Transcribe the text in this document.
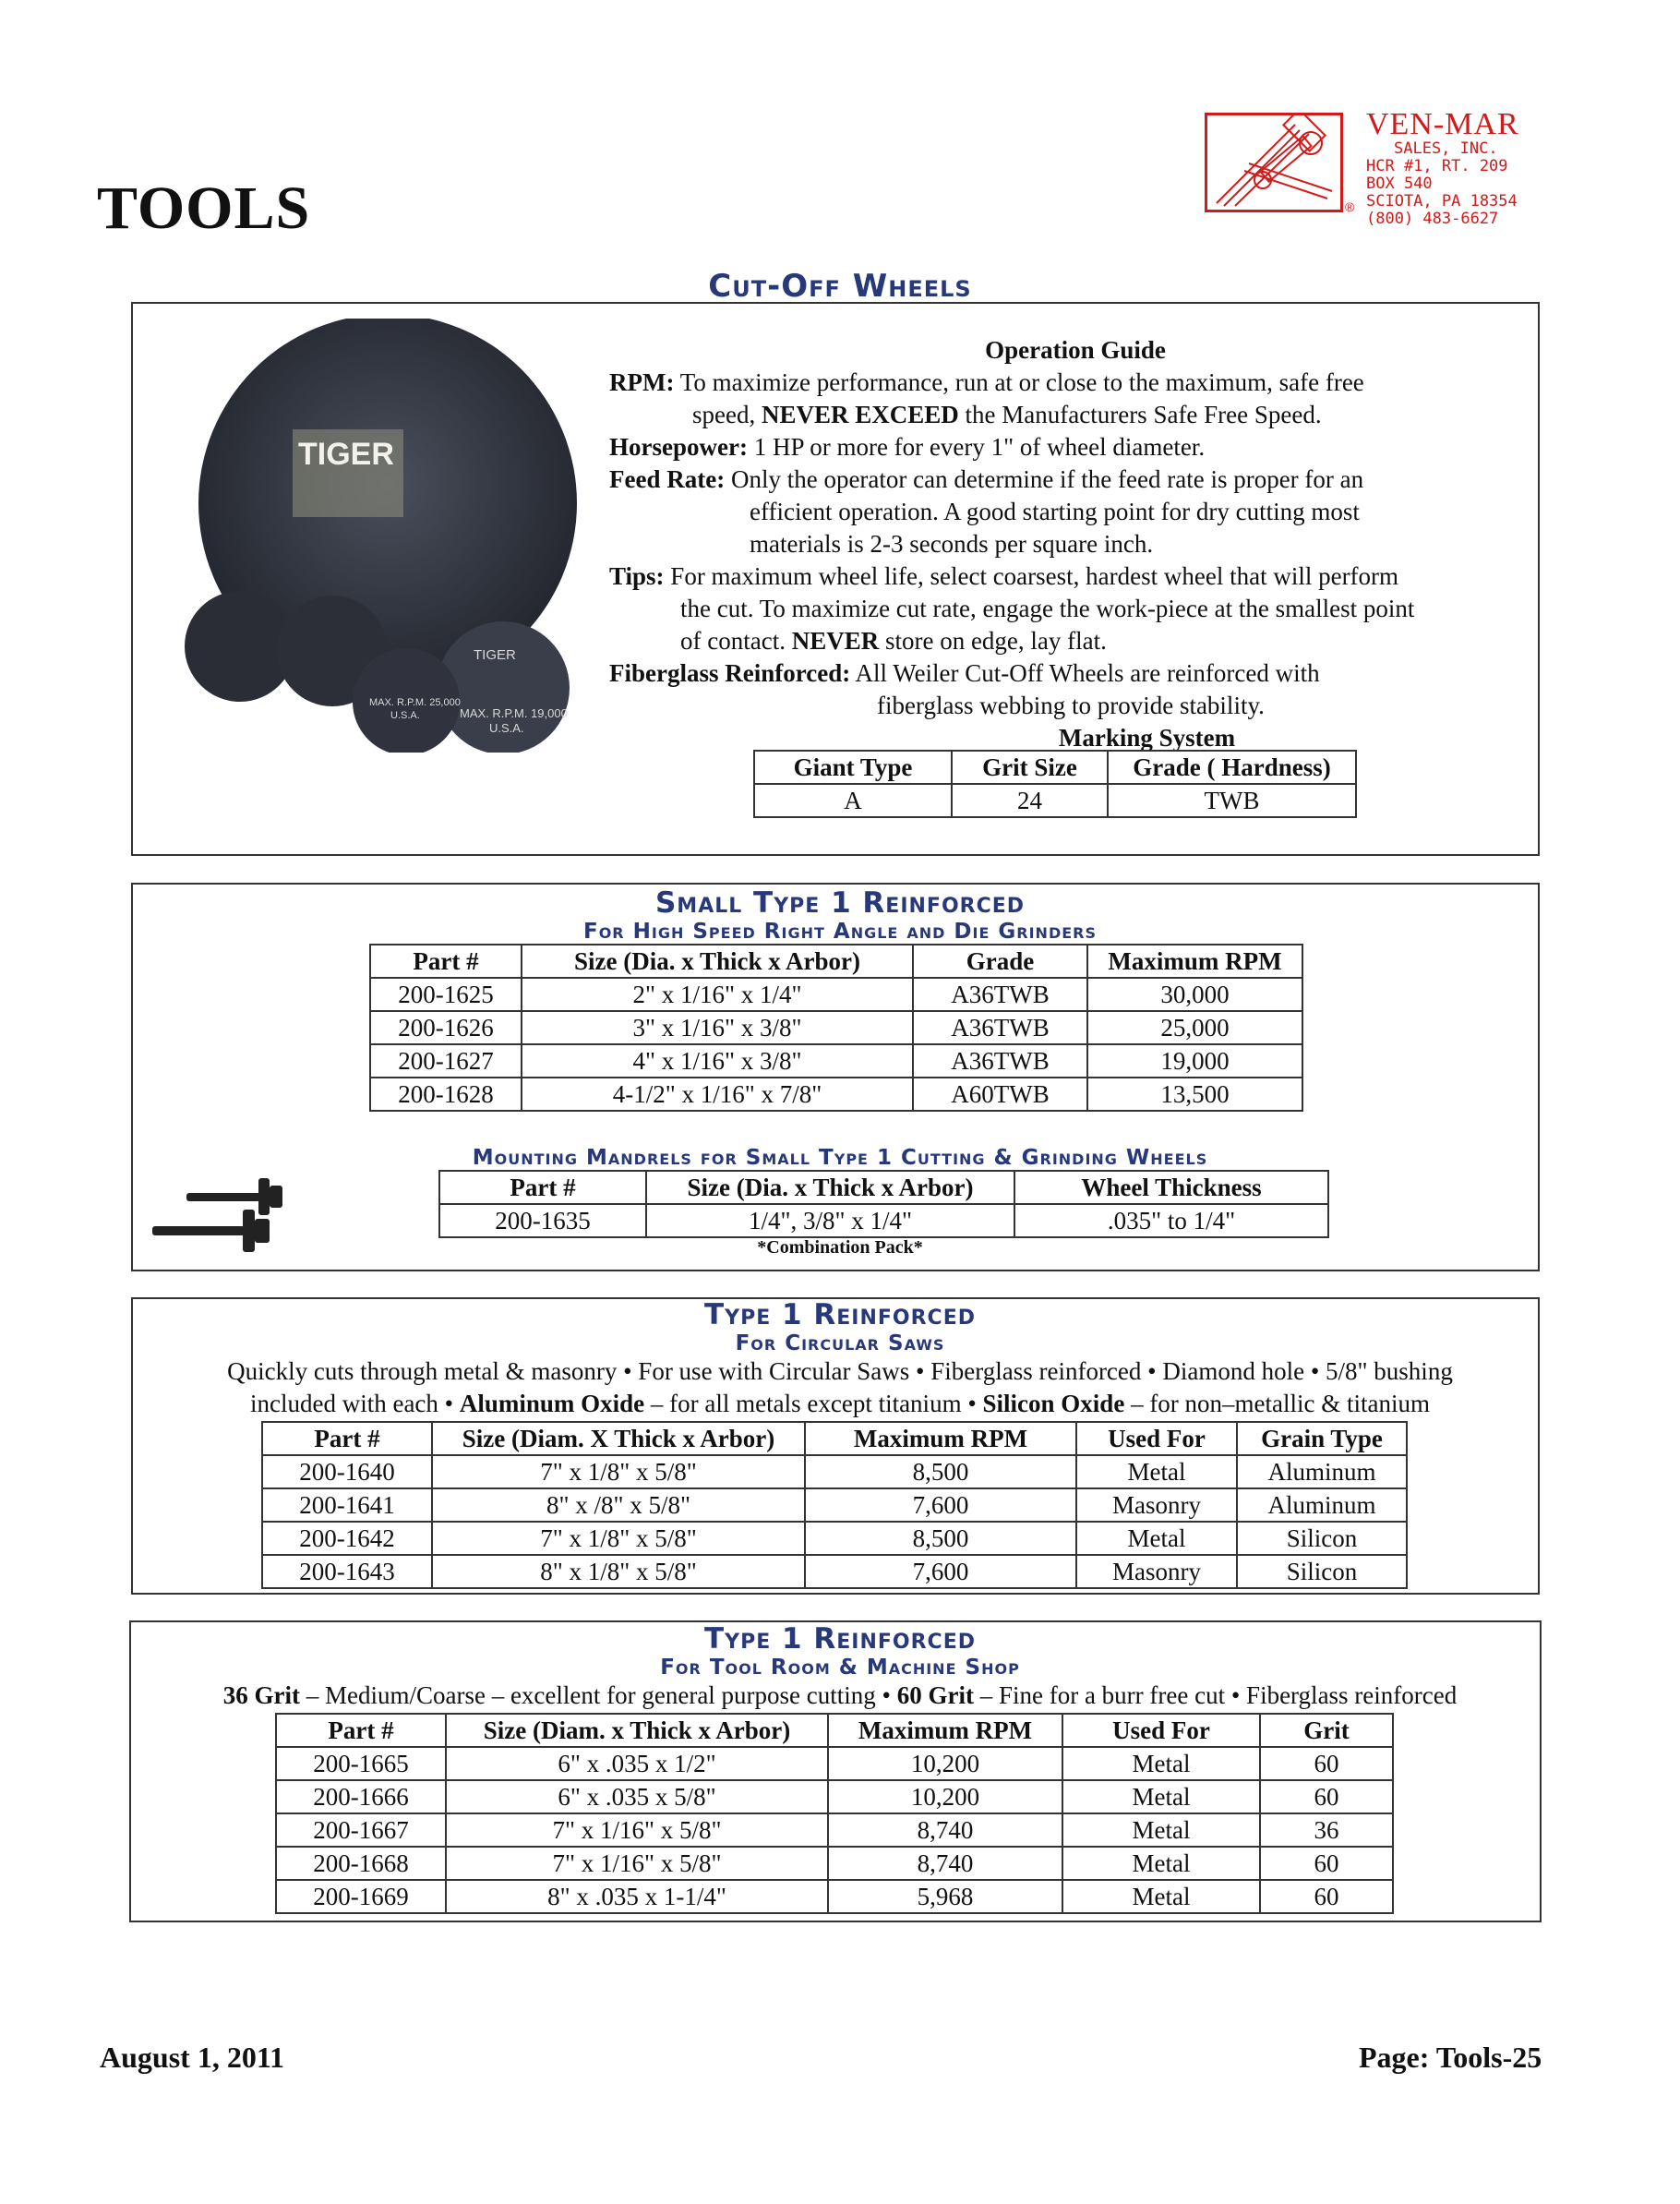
TOOLS	®
VEN-MAR
SALES, INC.
HCR #1, RT. 209
BOX 540
SCIOTA, PA 18354
(800) 483-6627
Cut-Off Wheels
TIGER
TIGER
MAX. R.P.M. 19,000
U.S.A.
MAX. R.P.M. 25,000
U.S.A.
Operation Guide
RPM: To maximize performance, run at or close to the maximum, safe free
speed, NEVER EXCEED the Manufacturers Safe Free Speed.
Horsepower: 1 HP or more for every 1" of wheel diameter.
Feed Rate: Only the operator can determine if the feed rate is proper for an
efficient operation. A good starting point for dry cutting most
materials is 2-3 seconds per square inch.
Tips: For maximum wheel life, select coarsest, hardest wheel that will perform
the cut. To maximize cut rate, engage the work-piece at the smallest point
of contact. NEVER store on edge, lay flat.
Fiberglass Reinforced: All Weiler Cut-Off Wheels are reinforced with
fiberglass webbing to provide stability.
Marking System
Giant Type	Grit Size	Grade ( Hardness)
A	24	TWB
Small Type 1 Reinforced
For High Speed Right Angle and Die Grinders
Part #	Size (Dia. x Thick x Arbor)	Grade	Maximum RPM
200-1625	2" x 1/16" x 1/4"	A36TWB	30,000
200-1626	3" x 1/16" x 3/8"	A36TWB	25,000
200-1627	4" x 1/16" x 3/8"	A36TWB	19,000
200-1628	4-1/2" x 1/16" x 7/8"	A60TWB	13,500
Mounting Mandrels for Small Type 1 Cutting & Grinding Wheels
Part #	Size (Dia. x Thick x Arbor)	Wheel Thickness
200-1635	1/4", 3/8" x 1/4"	.035" to 1/4"
*Combination Pack*
Type 1 Reinforced
For Circular Saws
Quickly cuts through metal & masonry • For use with Circular Saws • Fiberglass reinforced • Diamond hole • 5/8" bushing
included with each • Aluminum Oxide – for all metals except titanium • Silicon Oxide – for non–metallic & titanium
Part #	Size (Diam. X Thick x Arbor)	Maximum RPM	Used For	Grain Type
200-1640	7" x 1/8" x 5/8"	8,500	Metal	Aluminum
200-1641	8" x /8" x 5/8"	7,600	Masonry	Aluminum
200-1642	7" x 1/8" x 5/8"	8,500	Metal	Silicon
200-1643	8" x 1/8" x 5/8"	7,600	Masonry	Silicon
Type 1 Reinforced
For Tool Room & Machine Shop
36 Grit – Medium/Coarse – excellent for general purpose cutting • 60 Grit – Fine for a burr free cut • Fiberglass reinforced
Part #	Size (Diam. x Thick x Arbor)	Maximum RPM	Used For	Grit
200-1665	6" x .035 x 1/2"	10,200	Metal	60
200-1666	6" x .035 x 5/8"	10,200	Metal	60
200-1667	7" x 1/16" x 5/8"	8,740	Metal	36
200-1668	7" x 1/16" x 5/8"	8,740	Metal	60
200-1669	8" x .035 x 1-1/4"	5,968	Metal	60
August 1, 2011	Page: Tools-25
